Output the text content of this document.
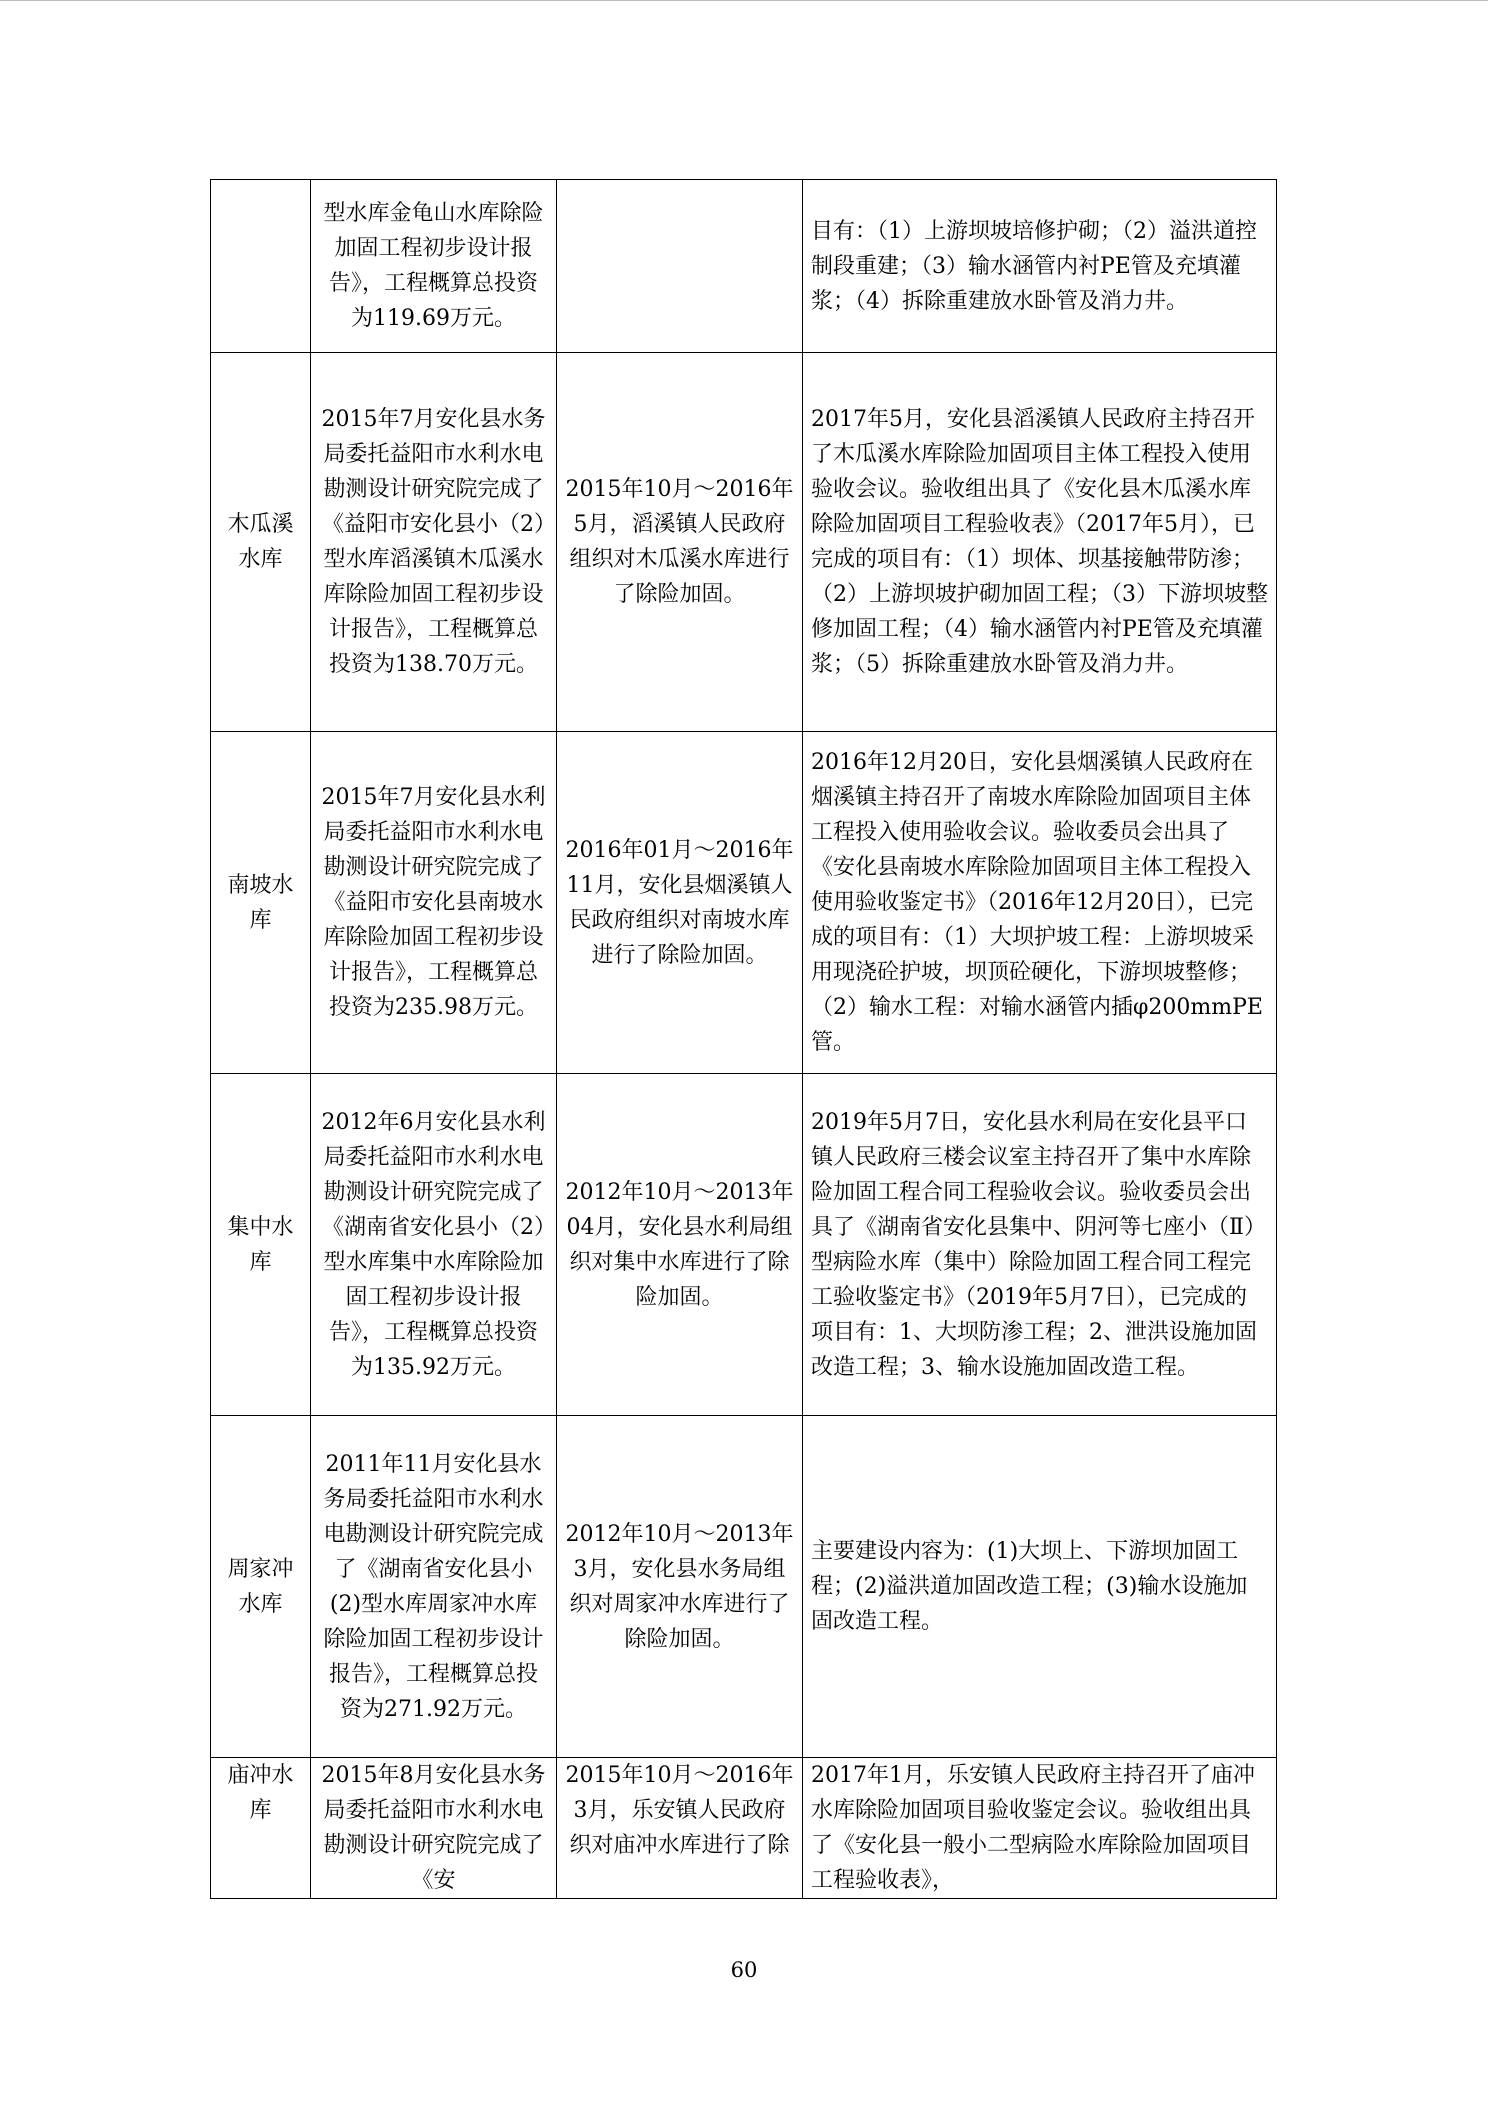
	型水库金龟山水库除险加固工程初步设计报告》，工程概算总投资为119.69万元。		目有：（1）上游坝坡培修护砌；（2）溢洪道控制段重建；（3）输水涵管内衬PE管及充填灌浆；（4）拆除重建放水卧管及消力井。

木瓜溪水库	2015年7月安化县水务局委托益阳市水利水电勘测设计研究院完成了《益阳市安化县小（2）型水库滔溪镇木瓜溪水库除险加固工程初步设计报告》，工程概算总投资为138.70万元。	2015年10月～2016年5月，滔溪镇人民政府组织对木瓜溪水库进行了除险加固。	2017年5月，安化县滔溪镇人民政府主持召开了木瓜溪水库除险加固项目主体工程投入使用验收会议。验收组出具了《安化县木瓜溪水库除险加固项目工程验收表》（2017年5月），已完成的项目有：（1）坝体、坝基接触带防渗；（2）上游坝坡护砌加固工程；（3）下游坝坡整修加固工程；（4）输水涵管内衬PE管及充填灌浆；（5）拆除重建放水卧管及消力井。

南坡水库	2015年7月安化县水利局委托益阳市水利水电勘测设计研究院完成了《益阳市安化县南坡水库除险加固工程初步设计报告》，工程概算总投资为235.98万元。	2016年01月～2016年11月，安化县烟溪镇人民政府组织对南坡水库进行了除险加固。	2016年12月20日，安化县烟溪镇人民政府在烟溪镇主持召开了南坡水库除险加固项目主体工程投入使用验收会议。验收委员会出具了《安化县南坡水库除险加固项目主体工程投入使用验收鉴定书》（2016年12月20日），已完成的项目有：（1）大坝护坡工程：上游坝坡采用现浇砼护坡，坝顶砼硬化，下游坝坡整修；（2）输水工程：对输水涵管内插φ200mmPE管。

集中水库	2012年6月安化县水利局委托益阳市水利水电勘测设计研究院完成了《湖南省安化县小（2）型水库集中水库除险加固工程初步设计报告》，工程概算总投资为135.92万元。	2012年10月～2013年04月，安化县水利局组织对集中水库进行了除险加固。	2019年5月7日，安化县水利局在安化县平口镇人民政府三楼会议室主持召开了集中水库除险加固工程合同工程验收会议。验收委员会出具了《湖南省安化县集中、阴河等七座小（Ⅱ）型病险水库（集中）除险加固工程合同工程完工验收鉴定书》（2019年5月7日），已完成的项目有：1、大坝防渗工程；2、泄洪设施加固改造工程；3、输水设施加固改造工程。

周家冲水库	2011年11月安化县水务局委托益阳市水利水电勘测设计研究院完成了《湖南省安化县小(2)型水库周家冲水库除险加固工程初步设计报告》，工程概算总投资为271.92万元。	2012年10月～2013年3月，安化县水务局组织对周家冲水库进行了除险加固。	主要建设内容为：(1)大坝上、下游坝加固工程；(2)溢洪道加固改造工程；(3)输水设施加固改造工程。

庙冲水库	2015年8月安化县水务局委托益阳市水利水电勘测设计研究院完成了《安	2015年10月～2016年3月，乐安镇人民政府织对庙冲水库进行了除	2017年1月，乐安镇人民政府主持召开了庙冲水库除险加固项目验收鉴定会议。验收组出具了《安化县一般小二型病险水库除险加固项目工程验收表》，
60
